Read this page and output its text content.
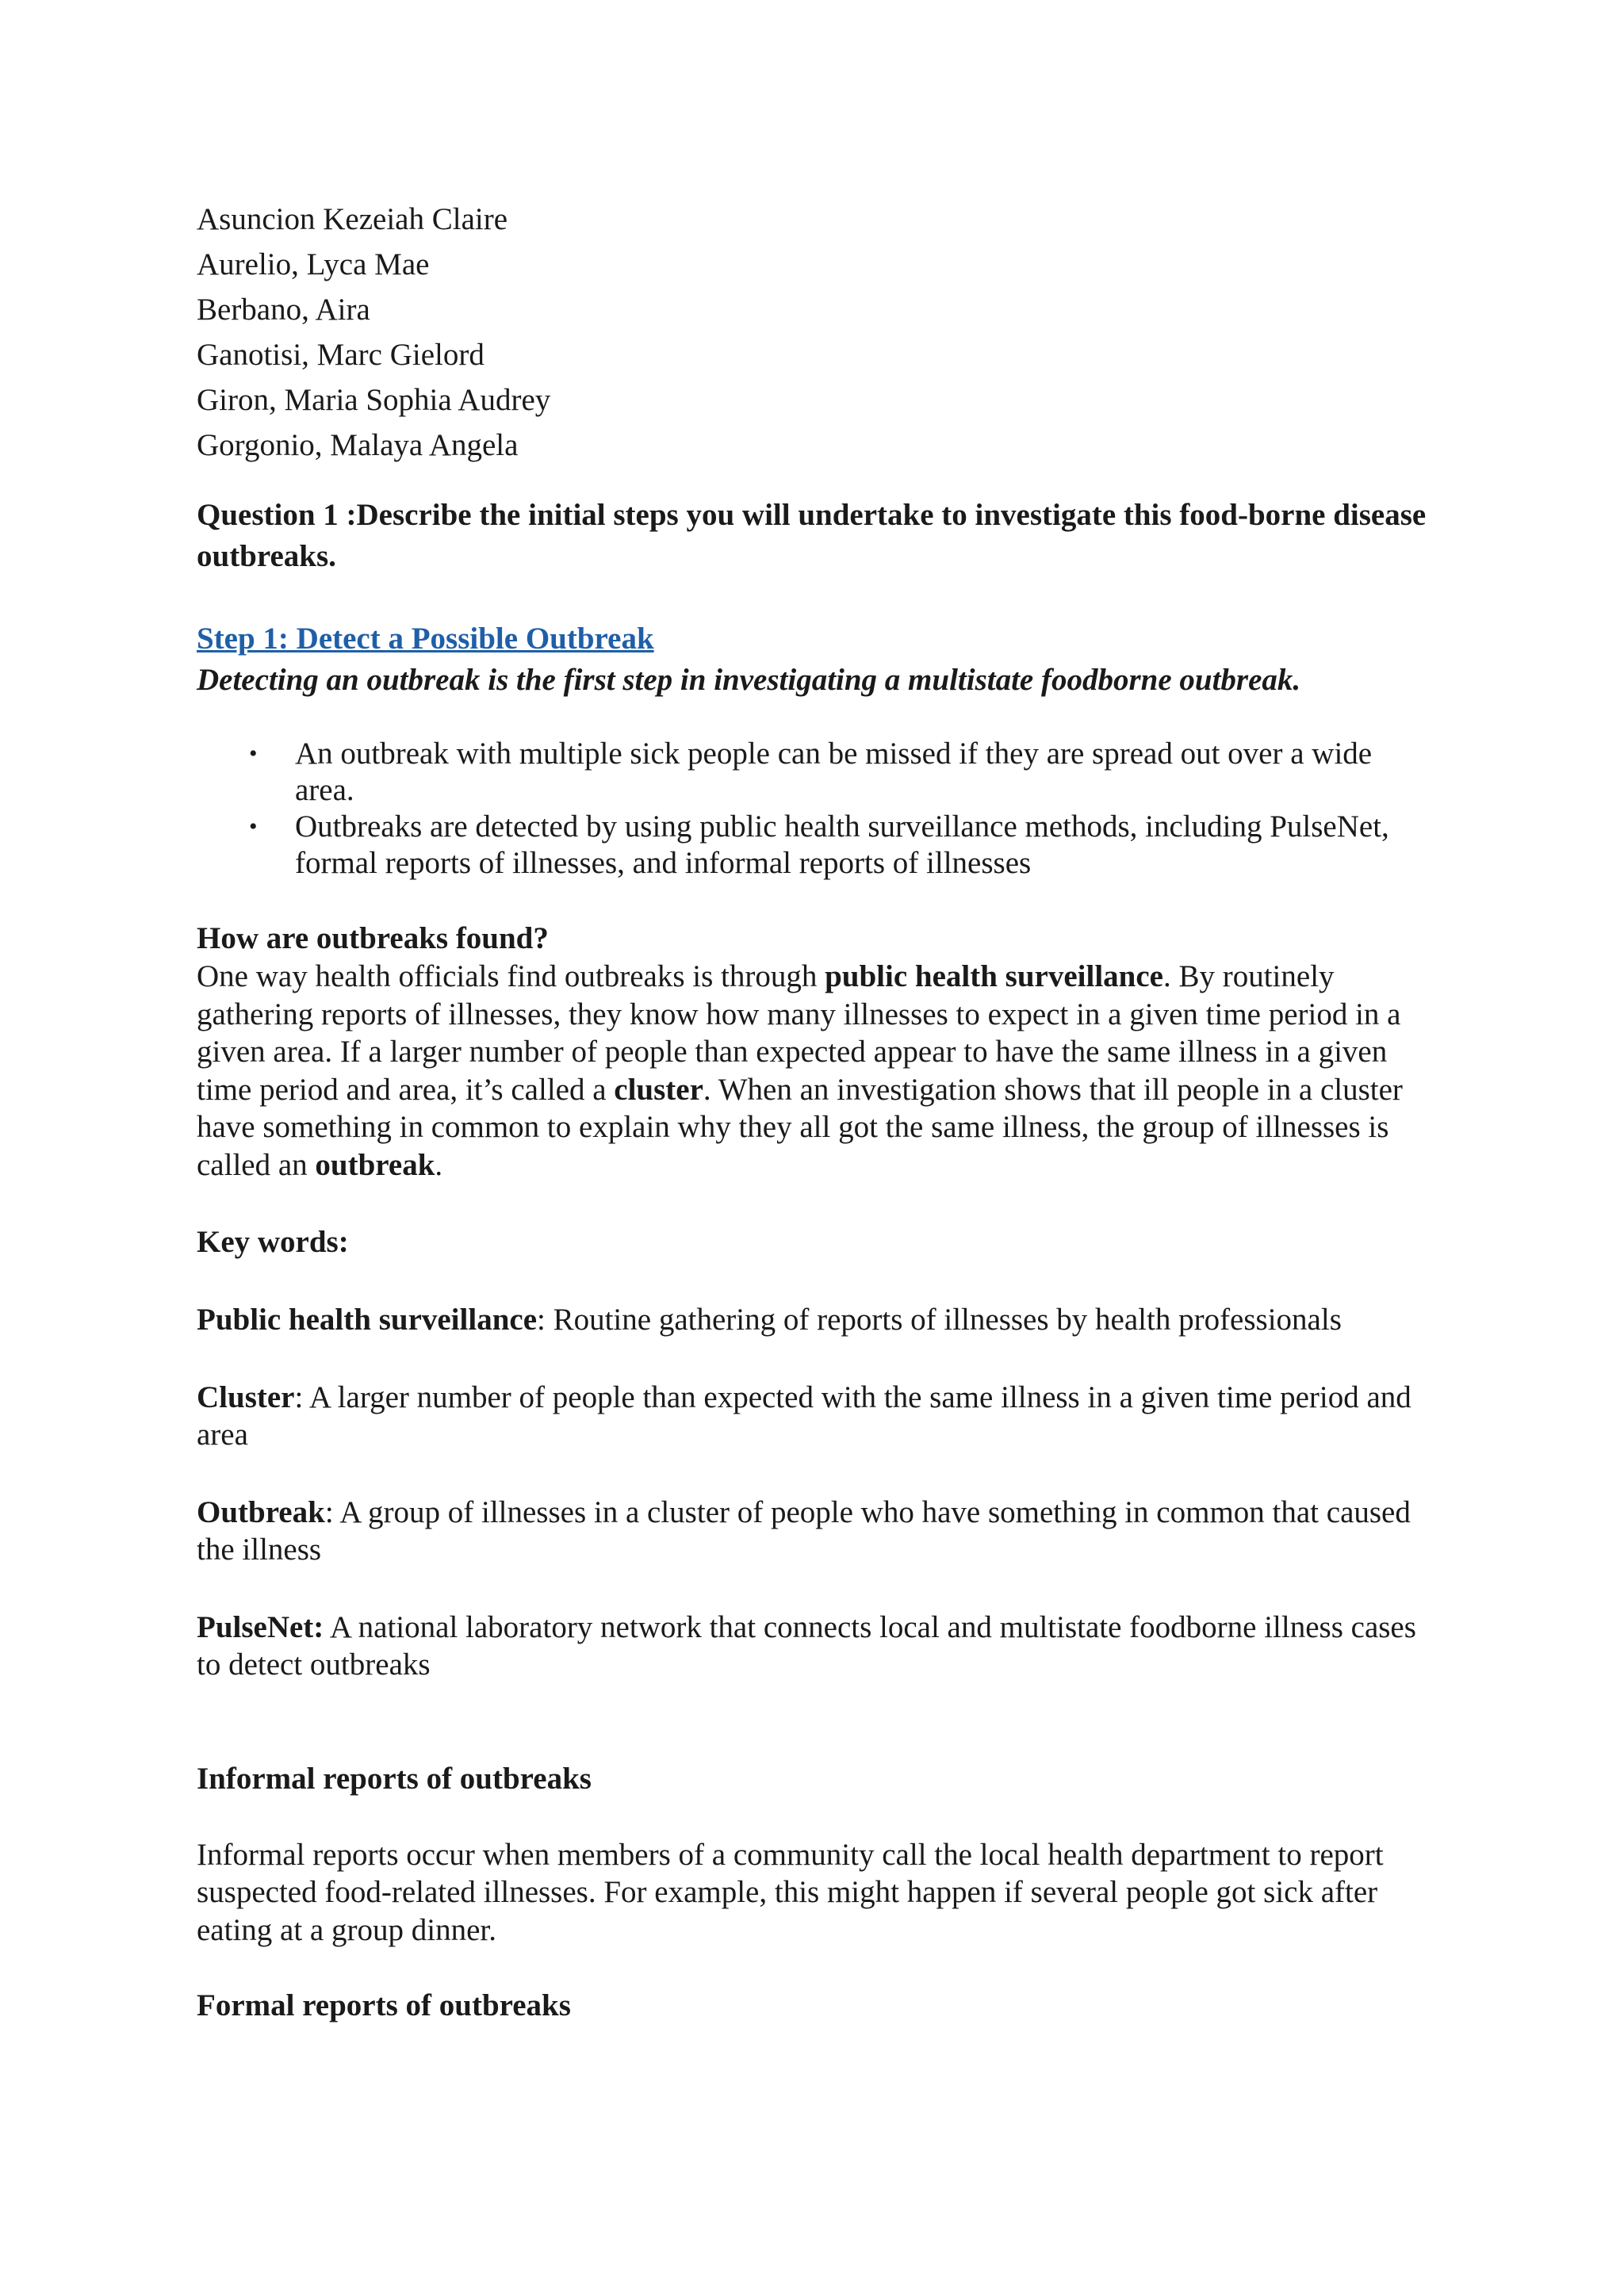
Asuncion Kezeiah Claire
Aurelio, Lyca Mae
Berbano, Aira
Ganotisi, Marc Gielord
Giron, Maria Sophia Audrey
Gorgonio, Malaya Angela
Question 1 :Describe the initial steps you will undertake to investigate this food-borne disease outbreaks.
Step 1: Detect a Possible Outbreak
Detecting an outbreak is the first step in investigating a multistate foodborne outbreak.
• An outbreak with multiple sick people can be missed if they are spread out over a wide area.
• Outbreaks are detected by using public health surveillance methods, including PulseNet, formal reports of illnesses, and informal reports of illnesses
How are outbreaks found?
One way health officials find outbreaks is through public health surveillance. By routinely gathering reports of illnesses, they know how many illnesses to expect in a given time period in a given area. If a larger number of people than expected appear to have the same illness in a given time period and area, it’s called a cluster. When an investigation shows that ill people in a cluster have something in common to explain why they all got the same illness, the group of illnesses is called an outbreak.
Key words:
Public health surveillance: Routine gathering of reports of illnesses by health professionals
Cluster: A larger number of people than expected with the same illness in a given time period and area
Outbreak: A group of illnesses in a cluster of people who have something in common that caused the illness
PulseNet: A national laboratory network that connects local and multistate foodborne illness cases to detect outbreaks
Informal reports of outbreaks
Informal reports occur when members of a community call the local health department to report suspected food-related illnesses. For example, this might happen if several people got sick after eating at a group dinner.
Formal reports of outbreaks
